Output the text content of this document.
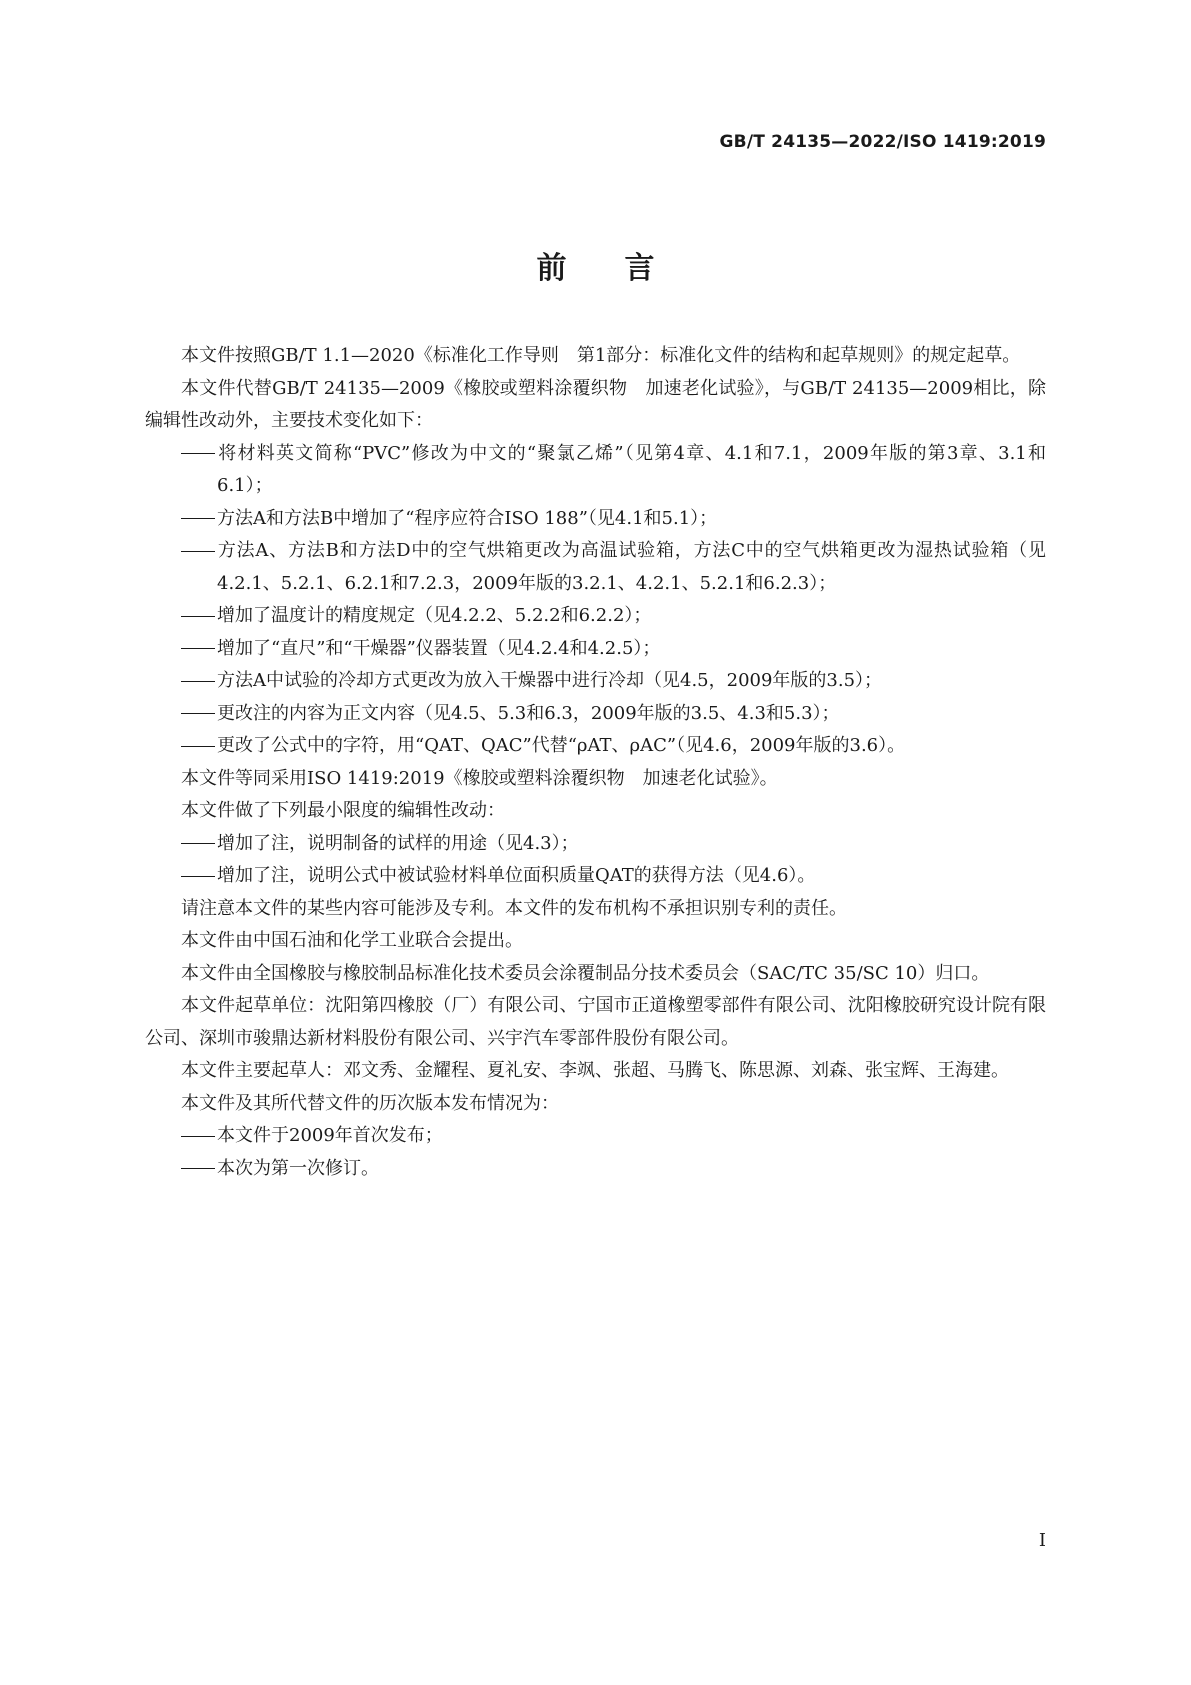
GB/T 24135—2022/ISO 1419:2019
前言

本文件按照GB/T 1.1—2020《标准化工作导则　第1部分：标准化文件的结构和起草规则》的规定起草。

本文件代替GB/T 24135—2009《橡胶或塑料涂覆织物　加速老化试验》，与GB/T 24135—2009相比，除编辑性改动外，主要技术变化如下：

将材料英文简称“PVC”修改为中文的“聚氯乙烯”（见第4章、4.1和7.1，2009年版的第3章、3.1和6.1）；

方法A和方法B中增加了“程序应符合ISO 188”（见4.1和5.1）；

方法A、方法B和方法D中的空气烘箱更改为高温试验箱，方法C中的空气烘箱更改为湿热试验箱（见4.2.1、5.2.1、6.2.1和7.2.3，2009年版的3.2.1、4.2.1、5.2.1和6.2.3）；

增加了温度计的精度规定（见4.2.2、5.2.2和6.2.2）；

增加了“直尺”和“干燥器”仪器装置（见4.2.4和4.2.5）；

方法A中试验的冷却方式更改为放入干燥器中进行冷却（见4.5，2009年版的3.5）；

更改注的内容为正文内容（见4.5、5.3和6.3，2009年版的3.5、4.3和5.3）；

更改了公式中的字符，用“QAT、QAC”代替“ρAT、ρAC”（见4.6，2009年版的3.6）。

本文件等同采用ISO 1419:2019《橡胶或塑料涂覆织物　加速老化试验》。

本文件做了下列最小限度的编辑性改动：

增加了注，说明制备的试样的用途（见4.3）；

增加了注，说明公式中被试验材料单位面积质量QAT的获得方法（见4.6）。

请注意本文件的某些内容可能涉及专利。本文件的发布机构不承担识别专利的责任。

本文件由中国石油和化学工业联合会提出。

本文件由全国橡胶与橡胶制品标准化技术委员会涂覆制品分技术委员会（SAC/TC 35/SC 10）归口。

本文件起草单位：沈阳第四橡胶（厂）有限公司、宁国市正道橡塑零部件有限公司、沈阳橡胶研究设计院有限公司、深圳市骏鼎达新材料股份有限公司、兴宇汽车零部件股份有限公司。

本文件主要起草人：邓文秀、金耀程、夏礼安、李飒、张超、马腾飞、陈思源、刘森、张宝辉、王海建。

本文件及其所代替文件的历次版本发布情况为：

本文件于2009年首次发布；

本次为第一次修订。

I
